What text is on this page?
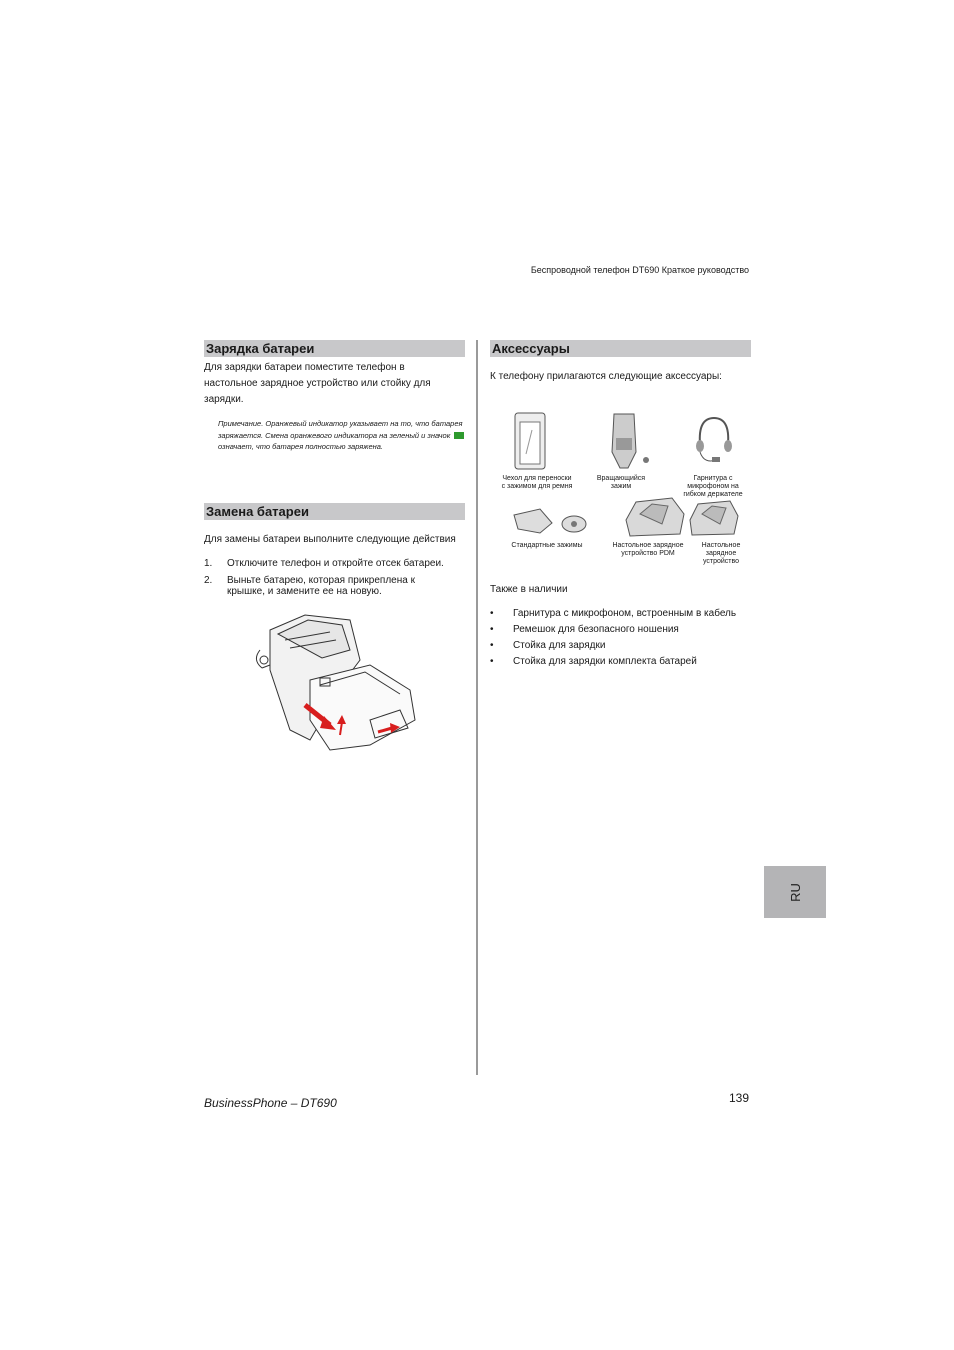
Беспроводной телефон DT690 Краткое руководство
Зарядка батареи
Для зарядки батареи поместите телефон в
настольное зарядное устройство или стойку для
зарядки.
Примечание. Оранжевый индикатор указывает на то, что батарея
заряжается. Смена оранжевого индикатора на зеленый и значок
означает, что батарея полностью заряжена.
Замена батареи
Для замены батареи выполните следующие действия
1.	Отключите телефон и откройте отсек батареи.
2.	Выньте батарею, которая прикреплена к
крышке, и замените ее на новую.
Аксессуары
К телефону прилагаются следующие аксессуары:
Чехол для переноски
с зажимом для ремня
Вращающийся
зажим
Гарнитура с
микрофоном на
гибком держателе
Стандартные зажимы	Настольное зарядное
устройство PDM
Настольное
зарядное
устройство
Также в наличии
•	Гарнитура с микрофоном, встроенным в кабель
•	Ремешок для безопасного ношения
•	Стойка для зарядки
•	Стойка для зарядки комплекта батарей
RU
BusinessPhone – DT690	139
